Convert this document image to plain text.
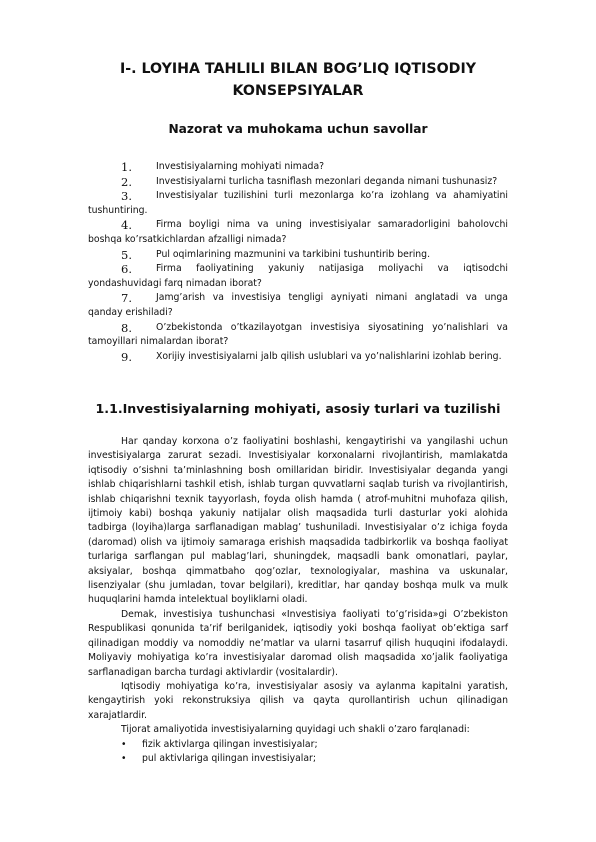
I-. LOYIHA TAHLILI BILAN BOG’LIQ IQTISODIY KONSEPSIYALAR
Nazorat va muhokama uchun savollar
1.	Investisiyalarning mohiyati nimada?
2.	Investisiyalarni turlicha tasniflash mezonlari deganda nimani tushunasiz?
3.	Investisiyalar tuzilishini turli mezonlarga ko’ra izohlang va ahamiyatini tushuntiring.
4.	Firma boyligi nima va uning investisiyalar samaradorligini baholovchi boshqa ko’rsatkichlardan afzalligi nimada?
5.	Pul oqimlarining mazmunini va tarkibini tushuntirib bering.
6.	Firma faoliyatining yakuniy natijasiga moliyachi va iqtisodchi yondashuvidagi farq nimadan iborat?
7.	Jamg’arish va investisiya tengligi ayniyati nimani anglatadi va unga qanday erishiladi?
8.	O’zbekistonda o’tkazilayotgan investisiya siyosatining yo’nalishlari va tamoyillari nimalardan iborat?
9.	Xorijiy investisiyalarni jalb qilish uslublari va yo’nalishlarini izohlab bering.
1.1.Investisiyalarning mohiyati, asosiy turlari va tuzilishi

Har qanday korxona o’z faoliyatini boshlashi, kengaytirishi va yangilashi uchun investisiyalarga zarurat sezadi. Investisiyalar korxonalarni rivojlantirish, mamlakatda iqtisodiy o’sishni ta’minlashning bosh omillaridan biridir. Investisiyalar deganda yangi ishlab chiqarishlarni tashkil etish, ishlab turgan quvvatlarni saqlab turish va rivojlantirish, ishlab chiqarishni texnik tayyorlash, foyda olish hamda ( atrof-muhitni muhofaza qilish, ijtimoiy kabi) boshqa yakuniy natijalar olish maqsadida turli dasturlar yoki alohida tadbirga (loyiha)larga sarflanadigan mablag’ tushuniladi. Investisiyalar o’z ichiga foyda (daromad) olish va ijtimoiy samaraga erishish maqsadida tadbirkorlik va boshqa faoliyat turlariga sarflangan pul mablag’lari, shuningdek, maqsadli bank omonatlari, paylar, aksiyalar, boshqa qimmatbaho qog’ozlar, texnologiyalar, mashina va uskunalar, lisenziyalar (shu jumladan, tovar belgilari), kreditlar, har qanday boshqa mulk va mulk huquqlarini hamda intelektual boyliklarni oladi.

Demak, investisiya tushunchasi «Investisiya faoliyati to’g’risida»gi O’zbekiston Respublikasi qonunida ta’rif berilganidek, iqtisodiy yoki boshqa faoliyat ob’ektiga sarf qilinadigan moddiy va nomoddiy ne’matlar va ularni tasarruf qilish huquqini ifodalaydi. Moliyaviy mohiyatiga ko’ra investisiyalar daromad olish maqsadida xo’jalik faoliyatiga sarflanadigan barcha turdagi aktivlardir (vositalardir).

Iqtisodiy mohiyatiga ko’ra, investisiyalar asosiy va aylanma kapitalni yaratish, kengaytirish yoki rekonstruksiya qilish va qayta qurollantirish uchun qilinadigan xarajatlardir.

Tijorat amaliyotida investisiyalarning quyidagi uch shakli o’zaro farqlanadi:

• fizik aktivlarga qilingan investisiyalar;
• pul aktivlariga qilingan investisiyalar;
